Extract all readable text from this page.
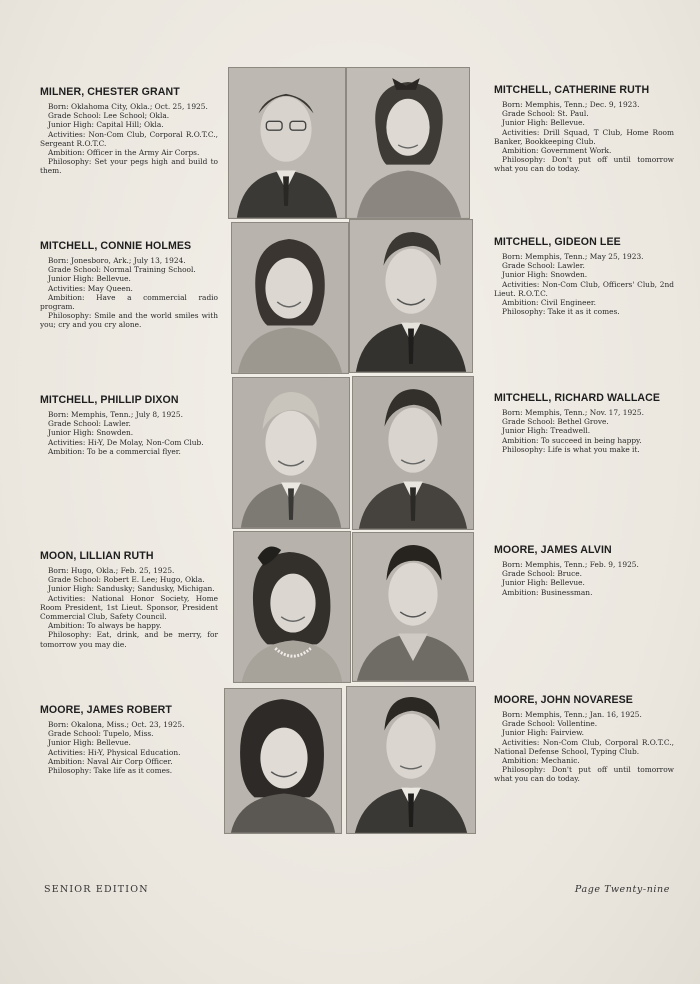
MILNER, CHESTER GRANT

Born: Oklahoma City, Okla.; Oct. 25, 1925.

Grade School: Lee School; Okla.

Junior High: Capital Hill; Okla.

Activities: Non-Com Club, Corporal R.O.T.C., Sergeant R.O.T.C.

Ambition: Officer in the Army Air Corps.

Philosophy: Set your pegs high and build to them.

MITCHELL, CONNIE HOLMES

Born: Jonesboro, Ark.; July 13, 1924.

Grade School: Normal Training School.

Junior High: Bellevue.

Activities: May Queen.

Ambition: Have a commercial radio program.

Philosophy: Smile and the world smiles with you; cry and you cry alone.

MITCHELL, PHILLIP DIXON

Born: Memphis, Tenn.; July 8, 1925.

Grade School: Lawler.

Junior High: Snowden.

Activities: Hi-Y, De Molay, Non-Com Club.

Ambition: To be a commercial flyer.

MOON, LILLIAN RUTH

Born: Hugo, Okla.; Feb. 25, 1925.

Grade School: Robert E. Lee; Hugo, Okla.

Junior High: Sandusky; Sandusky, Michigan.

Activities: National Honor Society, Home Room President, 1st Lieut. Sponsor, President Commercial Club, Safety Council.

Ambition: To always be happy.

Philosophy: Eat, drink, and be merry, for tomorrow you may die.

MOORE, JAMES ROBERT

Born: Okalona, Miss.; Oct. 23, 1925.

Grade School: Tupelo, Miss.

Junior High: Bellevue.

Activities: Hi-Y, Physical Education.

Ambition: Naval Air Corp Officer.

Philosophy: Take life as it comes.

MITCHELL, CATHERINE RUTH

Born: Memphis, Tenn.; Dec. 9, 1923.

Grade School: St. Paul.

Junior High: Bellevue.

Activities: Drill Squad, T Club, Home Room Banker, Bookkeeping Club.

Ambition: Government Work.

Philosophy: Don't put off until tomorrow what you can do today.

MITCHELL, GIDEON LEE

Born: Memphis, Tenn.; May 25, 1923.

Grade School: Lawler.

Junior High: Snowden.

Activities: Non-Com Club, Officers' Club, 2nd Lieut. R.O.T.C.

Ambition: Civil Engineer.

Philosophy: Take it as it comes.

MITCHELL, RICHARD WALLACE

Born: Memphis, Tenn.; Nov. 17, 1925.

Grade School: Bethel Grove.

Junior High: Treadwell.

Ambition: To succeed in being happy.

Philosophy: Life is what you make it.

MOORE, JAMES ALVIN

Born: Memphis, Tenn.; Feb. 9, 1925.

Grade School: Bruce.

Junior High: Bellevue.

Ambition: Businessman.

MOORE, JOHN NOVARESE

Born: Memphis, Tenn.; Jan. 16, 1925.

Grade School: Vollentine.

Junior High: Fairview.

Activities: Non-Com Club, Corporal R.O.T.C., National Defense School, Typing Club.

Ambition: Mechanic.

Philosophy: Don't put off until tomorrow what you can do today.

SENIOR EDITION	Page Twenty-nine
